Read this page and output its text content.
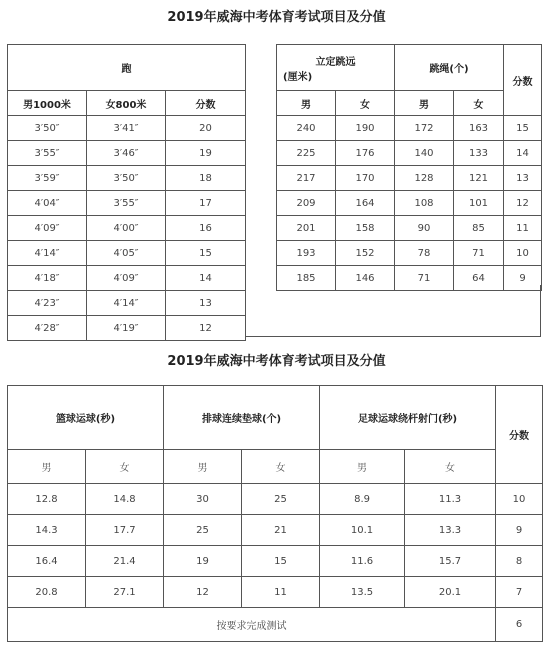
2019年威海中考体育考试项目及分值
跑		
男1000米	女800米	分数
3′50″	3′41″	20
3′55″	3′46″	19
3′59″	3′50″	18
4′04″	3′55″	17
4′09″	4′00″	16
4′14″	4′05″	15
4′18″	4′09″	14
4′23″	4′14″	13
4′28″	4′19″	12
立定跳远
(厘米)		跳绳(个)		分数
男	女	男	女	
240	190	172	163	15
225	176	140	133	14
217	170	128	121	13
209	164	108	101	12
201	158	90	85	11
193	152	78	71	10
185	146	71	64	9
2019年威海中考体育考试项目及分值
篮球运球(秒)		排球连续垫球(个)		足球运球绕杆射门(秒)		分数
男	女	男	女	男	女	
12.8	14.8	30	25	8.9	11.3	10
14.3	17.7	25	21	10.1	13.3	9
16.4	21.4	19	15	11.6	15.7	8
20.8	27.1	12	11	13.5	20.1	7
按要求完成测试						6
